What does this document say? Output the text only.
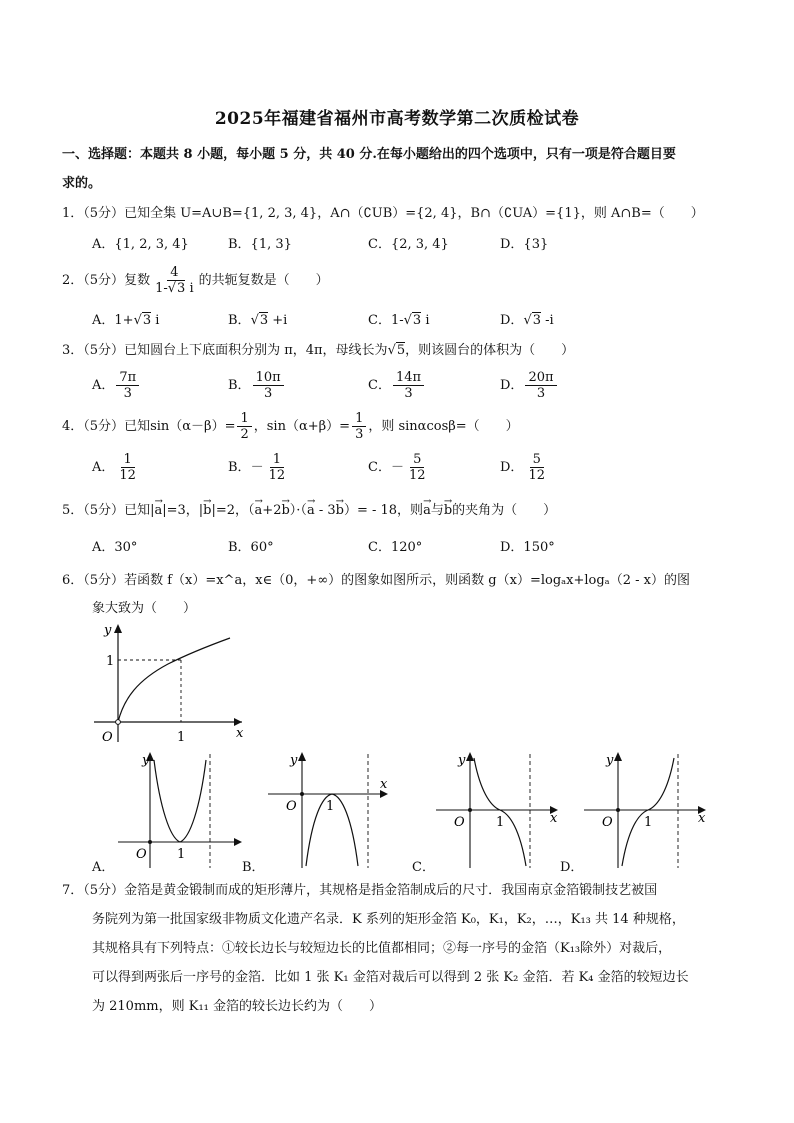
2025年福建省福州市高考数学第二次质检试卷
一、选择题：本题共 8 小题，每小题 5 分，共 40 分.在每小题给出的四个选项中，只有一项是符合题目要
求的。
1．（5分）已知全集 U=A∪B={1, 2, 3, 4}，A∩（∁UB）={2, 4}，B∩（∁UA）={1}，则 A∩B=（　　）
A．{1, 2, 3, 4}	B．{1, 3}	C．{2, 3, 4}	D．{3}
2．（5分）复数 $\frac{4}{1-√3 i}$ 的共轭复数是（　　）
A．1+√3 i	B．√3 +i	C．1-√3 i	D．√3 -i
3．（5分）已知圆台上下底面积分别为 π，4π，母线长为√5，则该圆台的体积为（　　）
A． $\frac{7\pi}{3}$	B． $\frac{10\pi}{3}$	C． $\frac{14\pi}{3}$	D． $\frac{20\pi}{3}$
4．（5分）已知$\sin(\alpha-\beta)= \frac{1}{2}$ ，$\sin(\alpha+\beta)= \frac{1}{3}$ ，则 sinαcosβ=（　　）
A． $\frac{1}{12}$	B．－ $\frac{1}{12}$	C．－ $\frac{5}{12}$	D． $\frac{5}{12}$
5．（5分）已知|→ a|=3，|→ b|=2，（→ a+2→ b）·（→ a - 3→ b）= - 18，则→ a与→ b的夹角为（　　）
A．30°	B．60°	C．120°	D．150°
6．（5分）若函数 f（x）=x^a，x∈（0，+∞）的图象如图所示，则函数 g（x）=logₐx+logₐ（2 - x）的图
象大致为（　　）
y
x
O	1
1
A．
y
O 1
B．
y
O 1
x
C．
y
O 1	x
D．
y
O 1	x
7．（5分）金箔是黄金锻制而成的矩形薄片，其规格是指金箔制成后的尺寸．我国南京金箔锻制技艺被国
务院列为第一批国家级非物质文化遗产名录．K 系列的矩形金箔 K₀，K₁，K₂，…，K₁₃ 共 14 种规格，
其规格具有下列特点：①较长边长与较短边长的比值都相同；②每一序号的金箔（K₁₃除外）对裁后，
可以得到两张后一序号的金箔．比如 1 张 K₁ 金箔对裁后可以得到 2 张 K₂ 金箔．若 K₄ 金箔的较短边长
为 210mm，则 K₁₁ 金箔的较长边长约为（　　）
